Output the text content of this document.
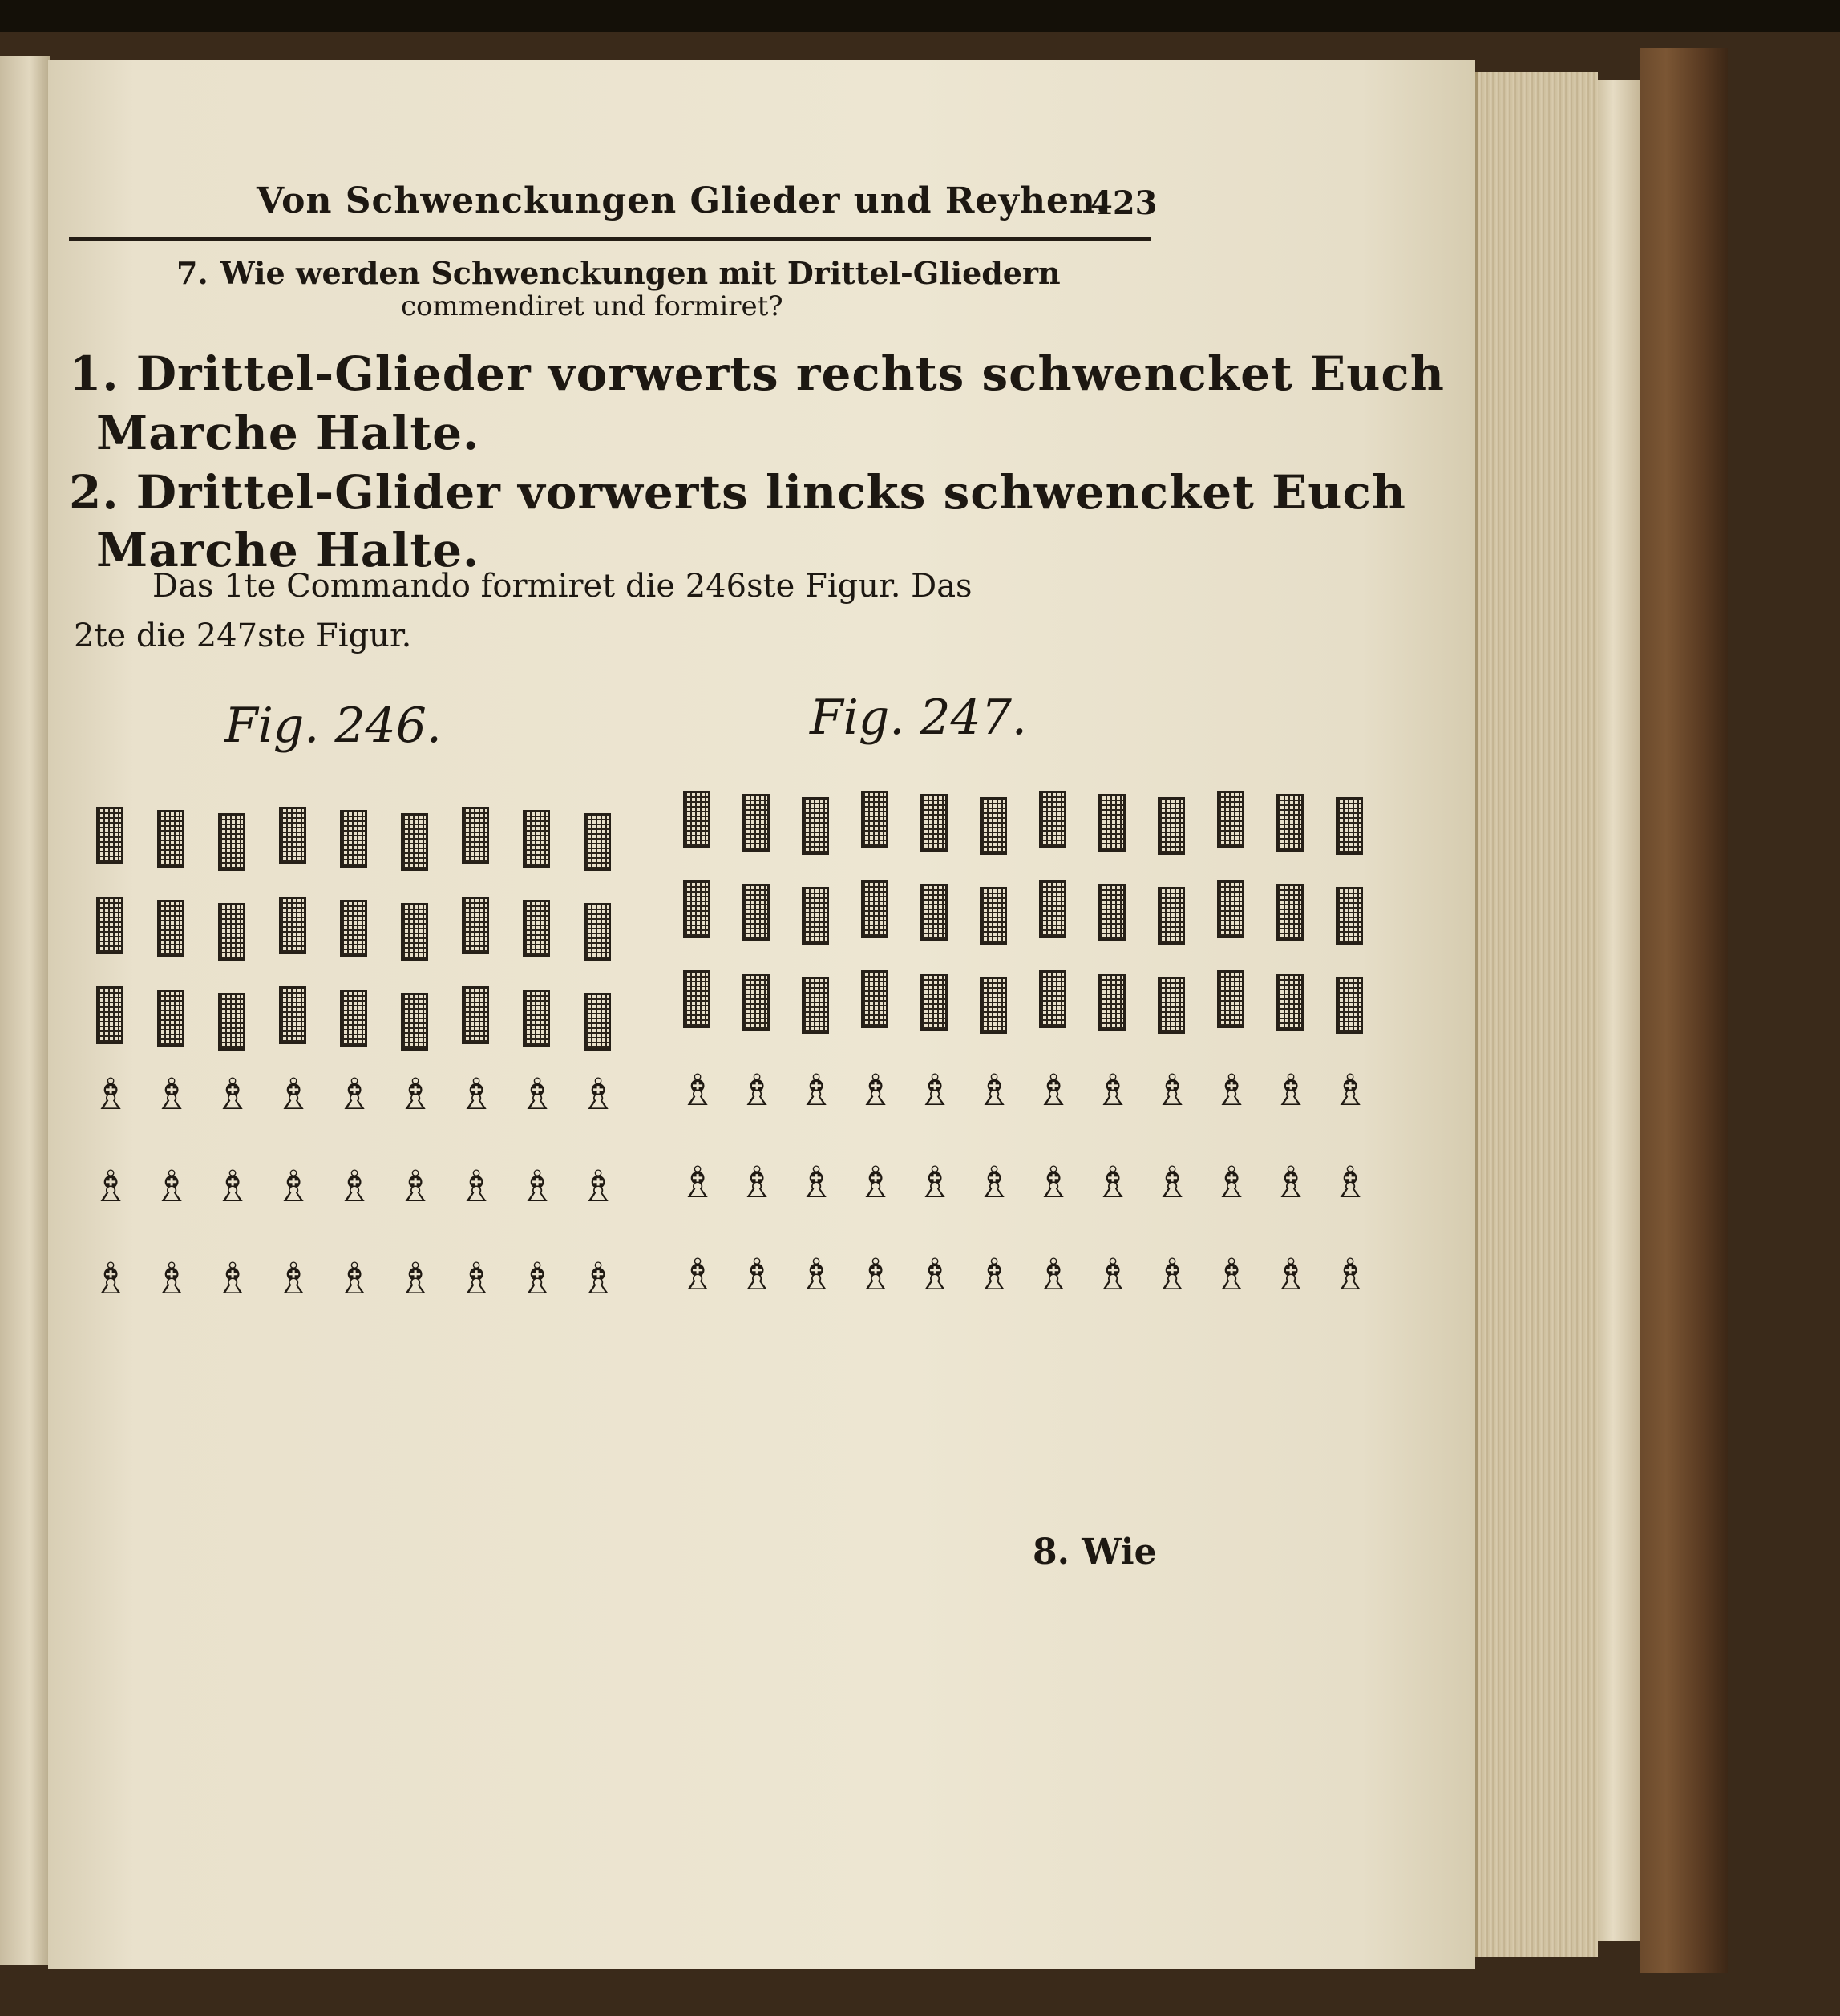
Von Schwenckungen Glieder und Reyhen.
423
7. Wie werden Schwenckungen mit Drittel-Gliedern
commendiret und formiret?
1. Drittel-Glieder vorwerts rechts schwencket Euch
Marche Halte.
2. Drittel-Glider vorwerts lincks schwencket Euch
Marche Halte.
Das 1te Commando formiret die 246ste Figur. Das
2te die 247ste Figur.
Fig. 246.	Fig. 247.
♗ ♗ ♗ ♗ ♗ ♗ ♗ ♗ ♗
♗ ♗ ♗ ♗ ♗ ♗ ♗ ♗ ♗
♗ ♗ ♗ ♗ ♗ ♗ ♗ ♗ ♗
♗ ♗ ♗ ♗ ♗ ♗ ♗ ♗ ♗ ♗ ♗ ♗
♗ ♗ ♗ ♗ ♗ ♗ ♗ ♗ ♗ ♗ ♗ ♗
♗ ♗ ♗ ♗ ♗ ♗ ♗ ♗ ♗ ♗ ♗ ♗
8. Wie
